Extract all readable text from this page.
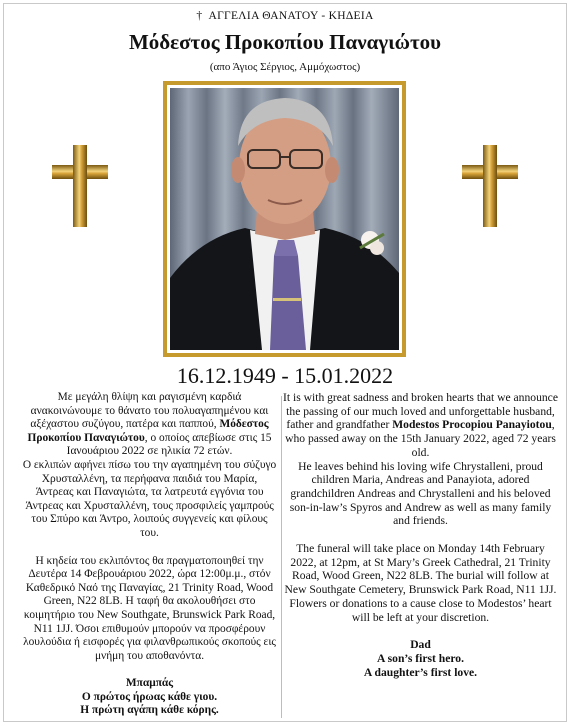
† ΑΓΓΕΛΙΑ ΘΑΝΑΤΟΥ - ΚΗΔΕΙΑ
Μόδεστος Προκοπίου Παναγιώτου
(απο Άγιος Σέργιος, Αμμόχωστος)
16.12.1949 - 15.01.2022

Με μεγάλη θλίψη και ραγισμένη καρδιά ανακοινώνουμε το θάνατο του πολυαγαπημένου και αξέχαστου συζύγου, πατέρα και παππού, Μόδεστος Προκοπίου Παναγιώτου, ο οποίος απεβίωσε στις 15 Ιανουάριου 2022 σε ηλικία 72 ετών.

Ο εκλιπών αφήνει πίσω του την αγαπημένη του σύζυγο Χρυσταλλένη, τα περήφανα παιδιά του Μαρία, Άντρεας και Παναγιώτα, τα λατρευτά εγγόνια του Άντρεας και Χρυσταλλένη, τους προσφιλείς γαμπρούς του Σπύρο και Άντρο, λοιπούς συγγενείς και φίλους του.

Η κηδεία του εκλιπόντος θα πραγματοποιηθεί την Δευτέρα 14 Φεβρουάριου 2022, ώρα 12:00μ.μ., στόν Καθεδρικό Ναό της Παναγίας, 21 Trinity Road, Wood Green, N22 8LB. Η ταφή θα ακολουθήσει στο κοιμητήριο του New Southgate, Brunswick Park Road, N11 1JJ. Όσοι επιθυμούν μπορούν να προσφέρουν λουλούδια ή εισφορές για φιλανθρωπικούς σκοπούς εις μνήμη του αποθανόντα.

Μπαμπάς

Ο πρώτος ήρωας κάθε γιου.

Η πρώτη αγάπη κάθε κόρης.

It is with great sadness and broken hearts that we announce the passing of our much loved and unforgettable husband, father and grandfather Modestos Procopiou Panayiotou, who passed away on the 15th January 2022, aged 72 years old.

He leaves behind his loving wife Chrystalleni, proud children Maria, Andreas and Panayiota, adored grandchildren Andreas and Chrystalleni and his beloved son-in-law’s Spyros and Andrew as well as many family and friends.

The funeral will take place on Monday 14th February 2022, at 12pm, at St Mary’s Greek Cathedral, 21 Trinity Road, Wood Green, N22 8LB. The burial will follow at New Southgate Cemetery, Brunswick Park Road, N11 1JJ.

Flowers or donations to a cause close to Modestos’ heart will be left at your discretion.

Dad

A son’s first hero.

A daughter’s first love.
